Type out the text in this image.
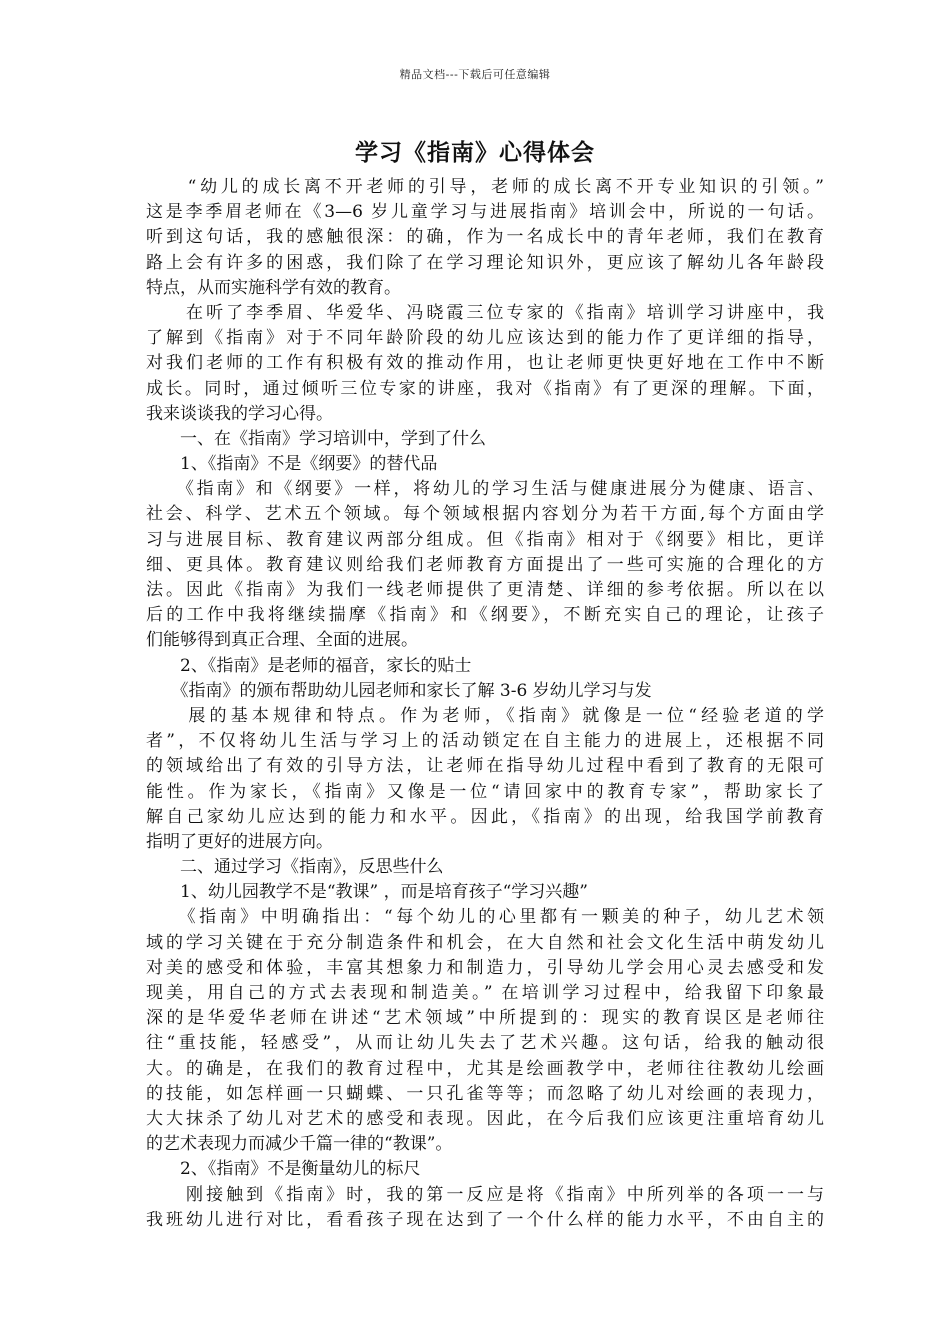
精品文档---下载后可任意编辑
学习《指南》心得体会
　　“幼儿的成长离不开老师的引导，老师的成长离不开专业知识的引领。”
这是李季眉老师在《3—6 岁儿童学习与进展指南》培训会中，所说的一句话。
听到这句话，我的感触很深：的确，作为一名成长中的青年老师，我们在教育
路上会有许多的困惑，我们除了在学习理论知识外，更应该了解幼儿各年龄段
特点，从而实施科学有效的教育。
　　在听了李季眉、华爱华、冯晓霞三位专家的《指南》培训学习讲座中，我
了解到《指南》对于不同年龄阶段的幼儿应该达到的能力作了更详细的指导，
对我们老师的工作有积极有效的推动作用，也让老师更快更好地在工作中不断
成长。同时，通过倾听三位专家的讲座，我对《指南》有了更深的理解。下面，
我来谈谈我的学习心得。
　　一、在《指南》学习培训中，学到了什么
　　1、《指南》不是《纲要》的替代品
　　《指南》和《纲要》一样，将幼儿的学习生活与健康进展分为健康、语言、
社会、科学、艺术五个领域。每个领域根据内容划分为若干方面,每个方面由学
习与进展目标、教育建议两部分组成。但《指南》相对于《纲要》相比，更详
细、更具体。教育建议则给我们老师教育方面提出了一些可实施的合理化的方
法。因此《指南》为我们一线老师提供了更清楚、详细的参考依据。所以在以
后的工作中我将继续揣摩《指南》和《纲要》，不断充实自己的理论，让孩子
们能够得到真正合理、全面的进展。
　　2、《指南》是老师的福音，家长的贴士
　　《指南》的颁布帮助幼儿园老师和家长了解 3-6 岁幼儿学习与发
　　展的基本规律和特点。作为老师，《指南》就像是一位“经验老道的学
者”，不仅将幼儿生活与学习上的活动锁定在自主能力的进展上，还根据不同
的领域给出了有效的引导方法，让老师在指导幼儿过程中看到了教育的无限可
能性。作为家长，《指南》又像是一位“请回家中的教育专家”，帮助家长了
解自己家幼儿应达到的能力和水平。因此，《指南》的出现，给我国学前教育
指明了更好的进展方向。
　　二、通过学习《指南》，反思些什么
　　1、幼儿园教学不是“教课” ，而是培育孩子“学习兴趣”
　　《指南》中明确指出：“每个幼儿的心里都有一颗美的种子，幼儿艺术领
域的学习关键在于充分制造条件和机会，在大自然和社会文化生活中萌发幼儿
对美的感受和体验，丰富其想象力和制造力，引导幼儿学会用心灵去感受和发
现美，用自己的方式去表现和制造美。” 在培训学习过程中，给我留下印象最
深的是华爱华老师在讲述“艺术领域”中所提到的：现实的教育误区是老师往
往“重技能，轻感受”，从而让幼儿失去了艺术兴趣。这句话，给我的触动很
大。的确是，在我们的教育过程中，尤其是绘画教学中，老师往往教幼儿绘画
的技能，如怎样画一只蝴蝶、一只孔雀等等；而忽略了幼儿对绘画的表现力，
大大抹杀了幼儿对艺术的感受和表现。因此，在今后我们应该更注重培育幼儿
的艺术表现力而减少千篇一律的“教课”。
　　2、《指南》不是衡量幼儿的标尺
　　刚接触到《指南》时，我的第一反应是将《指南》中所列举的各项一一与
我班幼儿进行对比，看看孩子现在达到了一个什么样的能力水平，不由自主的
